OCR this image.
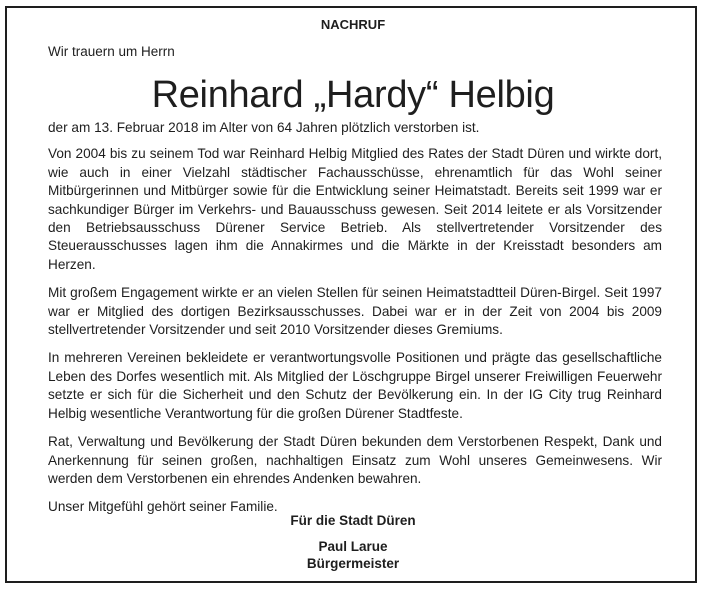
NACHRUF
Wir trauern um Herrn
Reinhard „Hardy“ Helbig

der am 13. Februar 2018 im Alter von 64 Jahren plötzlich verstorben ist.

Von 2004 bis zu seinem Tod war Reinhard Helbig Mitglied des Rates der Stadt Düren und wirkte dort, wie auch in einer Vielzahl städtischer Fachausschüsse, ehrenamtlich für das Wohl seiner Mitbürgerinnen und Mitbürger sowie für die Entwicklung seiner Heimatstadt. Bereits seit 1999 war er sachkundiger Bürger im Verkehrs- und Bauausschuss gewesen. Seit 2014 leitete er als Vorsitzender den Betriebsausschuss Dürener Service Betrieb. Als stellvertretender Vorsitzender des Steuerausschusses lagen ihm die Annakirmes und die Märkte in der Kreisstadt besonders am Herzen.

Mit großem Engagement wirkte er an vielen Stellen für seinen Heimatstadtteil Düren-Birgel. Seit 1997 war er Mitglied des dortigen Bezirksausschusses. Dabei war er in der Zeit von 2004 bis 2009 stellvertretender Vorsitzender und seit 2010 Vorsitzender dieses Gremiums.

In mehreren Vereinen bekleidete er verantwortungsvolle Positionen und prägte das gesellschaftliche Leben des Dorfes wesentlich mit. Als Mitglied der Löschgruppe Birgel unserer Freiwilligen Feuerwehr setzte er sich für die Sicherheit und den Schutz der Bevölkerung ein. In der IG City trug Reinhard Helbig wesentliche Verantwortung für die großen Dürener Stadtfeste.

Rat, Verwaltung und Bevölkerung der Stadt Düren bekunden dem Verstorbenen Respekt, Dank und Anerkennung für seinen großen, nachhaltigen Einsatz zum Wohl unseres Gemeinwesens. Wir werden dem Verstorbenen ein ehrendes Andenken bewahren.

Unser Mitgefühl gehört seiner Familie.

Für die Stadt Düren
Paul Larue
Bürgermeister
